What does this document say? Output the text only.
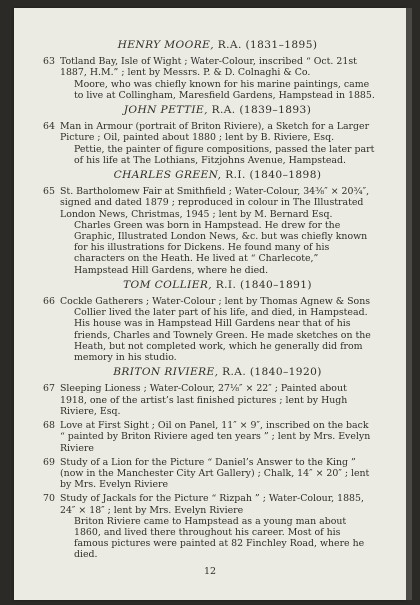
HENRY MOORE, R.A. (1831–1895)
63 Totland Bay, Isle of Wight ; Water-Colour, inscribed “ Oct. 21st 1887, H.M.” ; lent by Messrs. P. & D. Colnaghi & Co.
Moore, who was chiefly known for his marine paintings, came to live at Collingham, Maresfield Gardens, Hampstead in 1885.
JOHN PETTIE, R.A. (1839–1893)
64 Man in Armour (portrait of Briton Riviere), a Sketch for a Larger Picture ; Oil, painted about 1880 ; lent by B. Riviere, Esq.
Pettie, the painter of figure compositions, passed the later part of his life at The Lothians, Fitzjohns Avenue, Hampstead.
CHARLES GREEN, R.I. (1840–1898)
65 St. Bartholomew Fair at Smithfield ; Water-Colour, 34⅜″ × 20¾″, signed and dated 1879 ; reproduced in colour in The Illustrated London News, Christmas, 1945 ; lent by M. Bernard Esq.
Charles Green was born in Hampstead. He drew for the Graphic, Illustrated London News, &c. but was chiefly known for his illustrations for Dickens. He found many of his characters on the Heath. He lived at “ Charlecote,” Hampstead Hill Gardens, where he died.
TOM COLLIER, R.I. (1840–1891)
66 Cockle Gatherers ; Water-Colour ; lent by Thomas Agnew & Sons
Collier lived the later part of his life, and died, in Hampstead. His house was in Hampstead Hill Gardens near that of his friends, Charles and Townely Green. He made sketches on the Heath, but not completed work, which he generally did from memory in his studio.
BRITON RIVIERE, R.A. (1840–1920)
67 Sleeping Lioness ; Water-Colour, 27⅛″ × 22″ ; Painted about 1918, one of the artist’s last finished pictures ; lent by Hugh Riviere, Esq.
68 Love at First Sight ; Oil on Panel, 11″ × 9″, inscribed on the back “ painted by Briton Riviere aged ten years ” ; lent by Mrs. Evelyn Riviere
69 Study of a Lion for the Picture “ Daniel’s Answer to the King ” (now in the Manchester City Art Gallery) ; Chalk, 14″ × 20″ ; lent by Mrs. Evelyn Riviere
70 Study of Jackals for the Picture “ Rizpah ” ; Water-Colour, 1885, 24″ × 18″ ; lent by Mrs. Evelyn Riviere
Briton Riviere came to Hampstead as a young man about 1860, and lived there throughout his career. Most of his famous pictures were painted at 82 Finchley Road, where he died.
12
